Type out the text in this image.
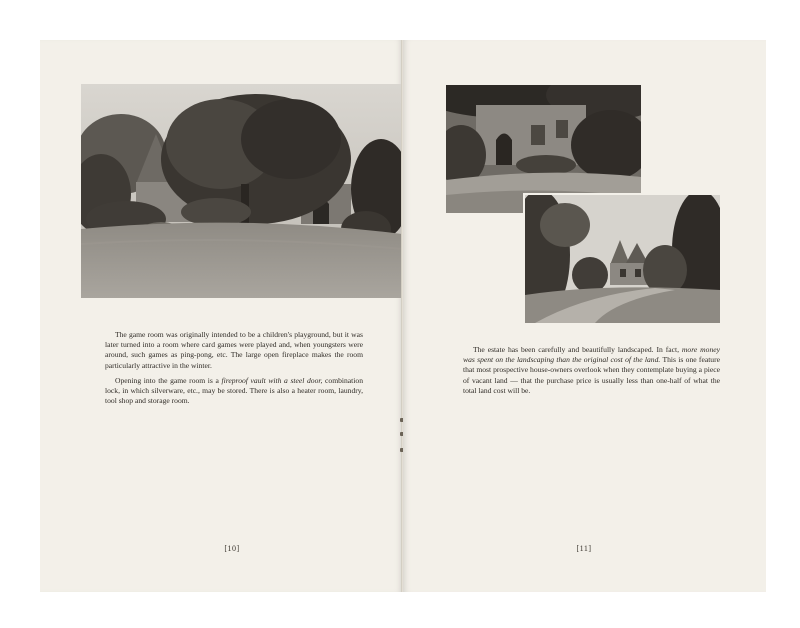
The game room was originally intended to be a children's playground, but it was later turned into a room where card games were played and, when youngsters were around, such games as ping-pong, etc. The large open fireplace makes the room particularly attractive in the winter.

Opening into the game room is a fireproof vault with a steel door, combination lock, in which silverware, etc., may be stored. There is also a heater room, laundry, tool shop and storage room.

[10]

The estate has been carefully and beautifully landscaped. In fact, more money was spent on the landscaping than the original cost of the land. This is one feature that most prospective house-owners overlook when they contemplate buying a piece of vacant land — that the purchase price is usually less than one-half of what the total land cost will be.

[11]
